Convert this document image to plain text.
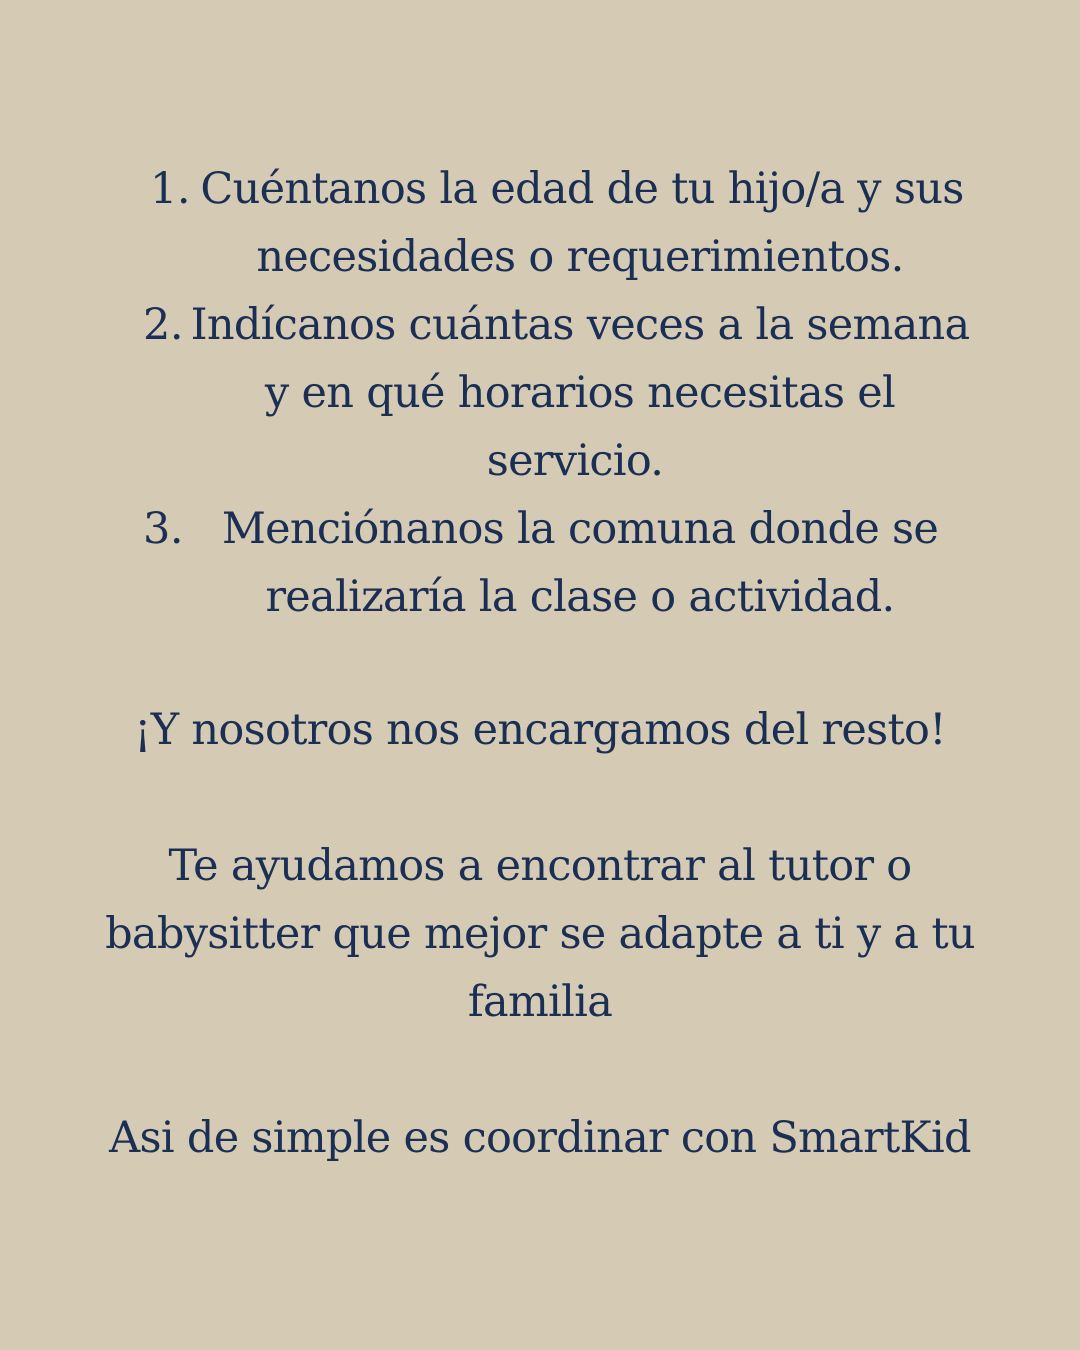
1. Cuéntanos la edad de tu hijo/a y sus
necesidades o requerimientos.
2. Indícanos cuántas veces a la semana
y en qué horarios necesitas el
servicio.
3. Menciónanos la comuna donde se
realizaría la clase o actividad.
¡Y nosotros nos encargamos del resto!
Te ayudamos a encontrar al tutor o
babysitter que mejor se adapte a ti y a tu
familia
Asi de simple es coordinar con SmartKid
